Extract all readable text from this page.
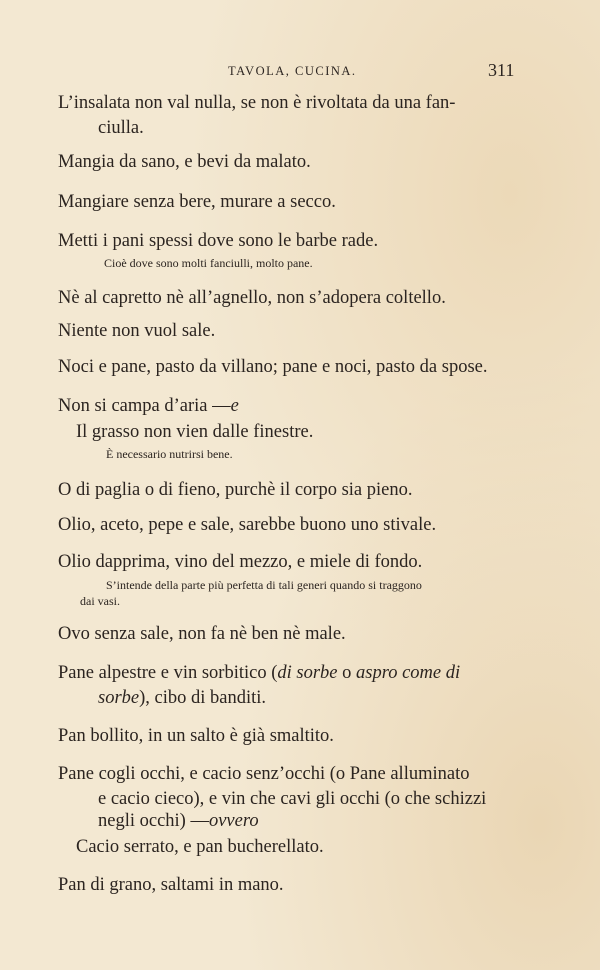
TAVOLA, CUCINA.	311
L’insalata non val nulla, se non è rivoltata da una fan-
ciulla.
Mangia da sano, e bevi da malato.
Mangiare senza bere, murare a secco.
Metti i pani spessi dove sono le barbe rade.
Cioè dove sono molti fanciulli, molto pane.
Nè al capretto nè all’agnello, non s’adopera coltello.
Niente non vuol sale.
Noci e pane, pasto da villano; pane e noci, pasto da spose.
Non si campa d’aria —e
Il grasso non vien dalle finestre.
È necessario nutrirsi bene.
O di paglia o di fieno, purchè il corpo sia pieno.
Olio, aceto, pepe e sale, sarebbe buono uno stivale.
Olio dapprima, vino del mezzo, e miele di fondo.
S’intende della parte più perfetta di tali generi quando si traggono
dai vasi.
Ovo senza sale, non fa nè ben nè male.
Pane alpestre e vin sorbitico (di sorbe o aspro come di
sorbe), cibo di banditi.
Pan bollito, in un salto è già smaltito.
Pane cogli occhi, e cacio senz’occhi (o Pane alluminato
e cacio cieco), e vin che cavi gli occhi (o che schizzi
negli occhi) —ovvero
Cacio serrato, e pan bucherellato.
Pan di grano, saltami in mano.
